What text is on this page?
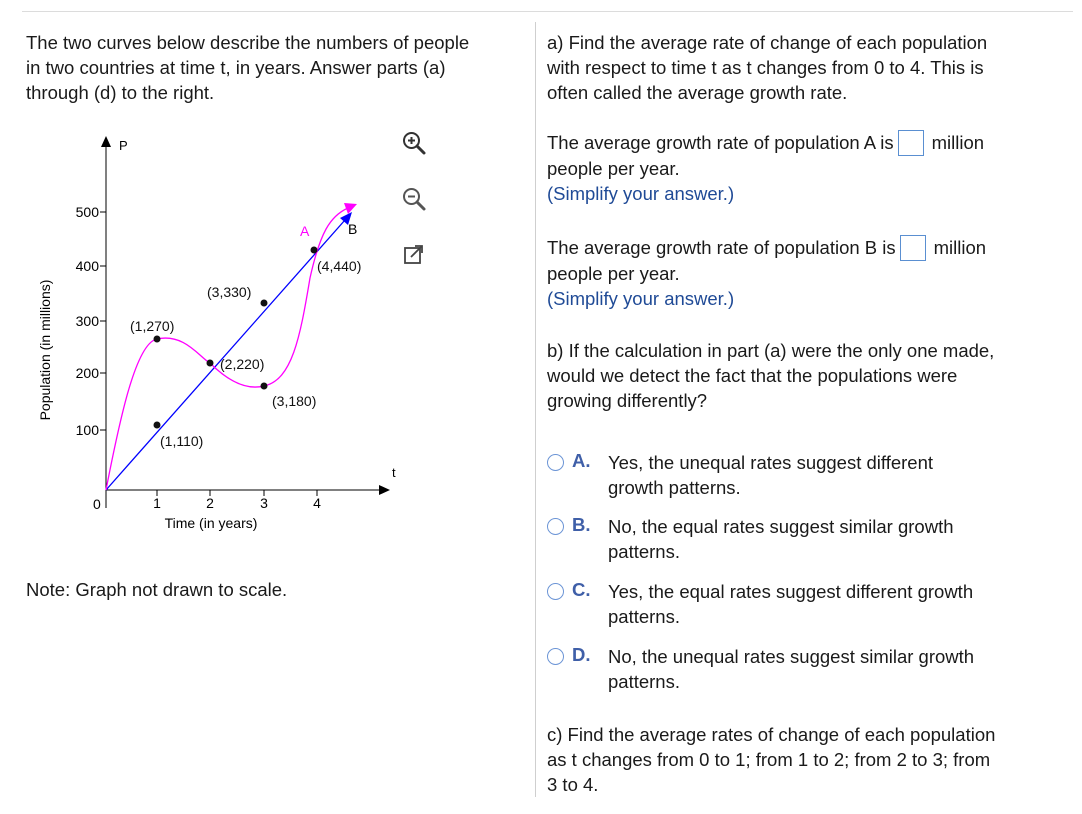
The two curves below describe the numbers of people
in two countries at time t, in years. Answer parts (a)
through (d) to the right.

P
t
0
100
200
300
400
500
1	2	3	4
Time (in years)
Population (in millions)
A	B
(1,110)
(1,270)
(2,220)
(3,330)
(3,180)
(4,440)

Note: Graph not drawn to scale.

a) Find the average rate of change of each population
with respect to time t as t changes from 0 to 4. This is
often called the average growth rate.

The average growth rate of population A is million

people per year.

(Simplify your answer.)

The average growth rate of population B is million

people per year.

(Simplify your answer.)

b) If the calculation in part (a) were the only one made,
would we detect the fact that the populations were
growing differently?

A. Yes, the unequal rates suggest different
growth patterns.
B. No, the equal rates suggest similar growth
patterns.
C. Yes, the equal rates suggest different growth
patterns.
D. No, the unequal rates suggest similar growth
patterns.

c) Find the average rates of change of each population
as t changes from 0 to 1; from 1 to 2; from 2 to 3; from
3 to 4.
